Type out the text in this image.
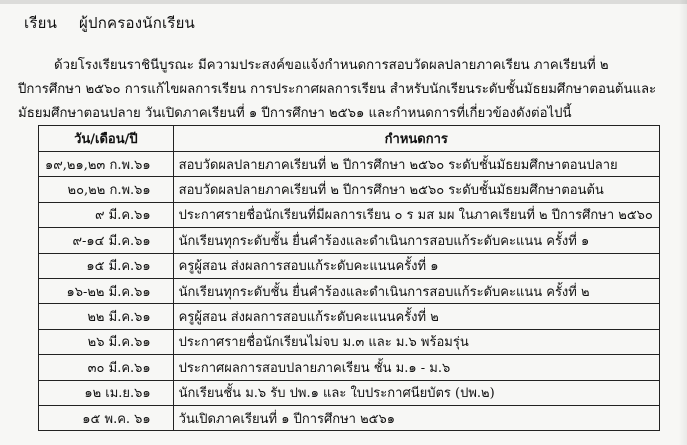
เรียน ผู้ปกครองนักเรียน
ด้วยโรงเรียนราชินีบูรณะ มีความประสงค์ขอแจ้งกำหนดการสอบวัดผลปลายภาคเรียน ภาคเรียนที่ ๒
ปีการศึกษา ๒๕๖๐ การแก้ไขผลการเรียน การประกาศผลการเรียน สำหรับนักเรียนระดับชั้นมัธยมศึกษาตอนต้นและ
มัธยมศึกษาตอนปลาย วันเปิดภาคเรียนที่ ๑ ปีการศึกษา ๒๕๖๑ และกำหนดการที่เกี่ยวข้องดังต่อไปนี้
วัน/เดือน/ปี	กำหนดการ
๑๙,๒๑,๒๓ ก.พ.๖๑	สอบวัดผลปลายภาคเรียนที่ ๒ ปีการศึกษา ๒๕๖๐ ระดับชั้นมัธยมศึกษาตอนปลาย
๒๐,๒๒ ก.พ.๖๑	สอบวัดผลปลายภาคเรียนที่ ๒ ปีการศึกษา ๒๕๖๐ ระดับชั้นมัธยมศึกษาตอนต้น
๙ มี.ค.๖๑	ประกาศรายชื่อนักเรียนที่มีผลการเรียน ๐ ร มส มผ ในภาคเรียนที่ ๒ ปีการศึกษา ๒๕๖๐
๙-๑๔ มี.ค.๖๑	นักเรียนทุกระดับชั้น ยื่นคำร้องและดำเนินการสอบแก้ระดับคะแนน ครั้งที่ ๑
๑๕ มี.ค.๖๑	ครูผู้สอน ส่งผลการสอบแก้ระดับคะแนนครั้งที่ ๑
๑๖-๒๒ มี.ค.๖๑	นักเรียนทุกระดับชั้น ยื่นคำร้องและดำเนินการสอบแก้ระดับคะแนน ครั้งที่ ๒
๒๒ มี.ค.๖๑	ครูผู้สอน ส่งผลการสอบแก้ระดับคะแนนครั้งที่ ๒
๒๖ มี.ค.๖๑	ประกาศรายชื่อนักเรียนไม่จบ ม.๓ และ ม.๖ พร้อมรุ่น
๓๐ มี.ค.๖๑	ประกาศผลการสอบปลายภาคเรียน ชั้น ม.๑ - ม.๖
๑๒ เม.ย.๖๑	นักเรียนชั้น ม.๖ รับ ปพ.๑ และ ใบประกาศนียบัตร (ปพ.๒)
๑๕ พ.ค. ๖๑	วันเปิดภาคเรียนที่ ๑ ปีการศึกษา ๒๕๖๑
